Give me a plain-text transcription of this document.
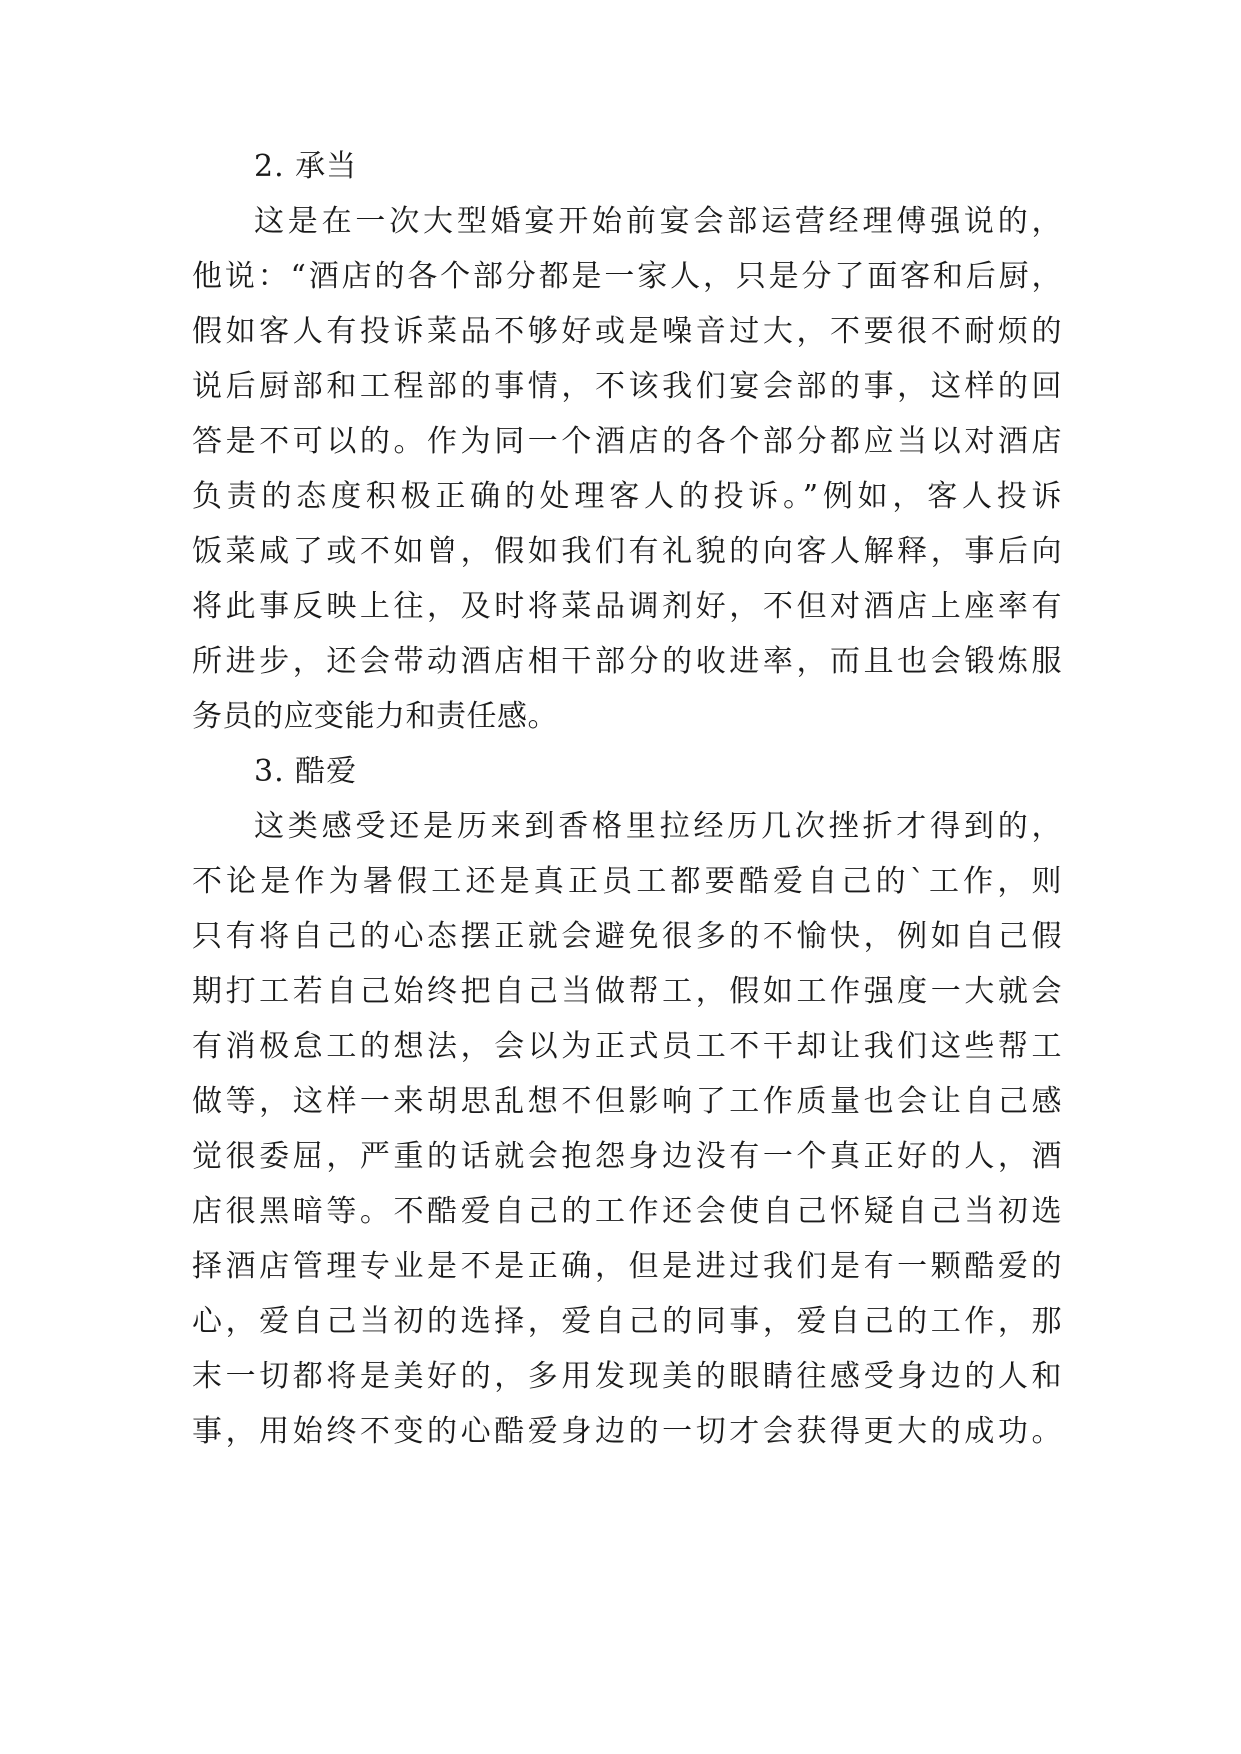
2. 承当
这是在一次大型婚宴开始前宴会部运营经理傅强说的，
他说：“酒店的各个部分都是一家人，只是分了面客和后厨，
假如客人有投诉菜品不够好或是噪音过大，不要很不耐烦的
说后厨部和工程部的事情，不该我们宴会部的事，这样的回
答是不可以的。作为同一个酒店的各个部分都应当以对酒店
负责的态度积极正确的处理客人的投诉。”例如，客人投诉
饭菜咸了或不如曾，假如我们有礼貌的向客人解释，事后向
将此事反映上往，及时将菜品调剂好，不但对酒店上座率有
所进步，还会带动酒店相干部分的收进率，而且也会锻炼服
务员的应变能力和责任感。
3. 酷爱
这类感受还是历来到香格里拉经历几次挫折才得到的，
不论是作为暑假工还是真正员工都要酷爱自己的`工作，则
只有将自己的心态摆正就会避免很多的不愉快，例如自己假
期打工若自己始终把自己当做帮工，假如工作强度一大就会
有消极怠工的想法，会以为正式员工不干却让我们这些帮工
做等，这样一来胡思乱想不但影响了工作质量也会让自己感
觉很委屈，严重的话就会抱怨身边没有一个真正好的人，酒
店很黑暗等。不酷爱自己的工作还会使自己怀疑自己当初选
择酒店管理专业是不是正确，但是进过我们是有一颗酷爱的
心，爱自己当初的选择，爱自己的同事，爱自己的工作，那
末一切都将是美好的，多用发现美的眼睛往感受身边的人和
事，用始终不变的心酷爱身边的一切才会获得更大的成功。
